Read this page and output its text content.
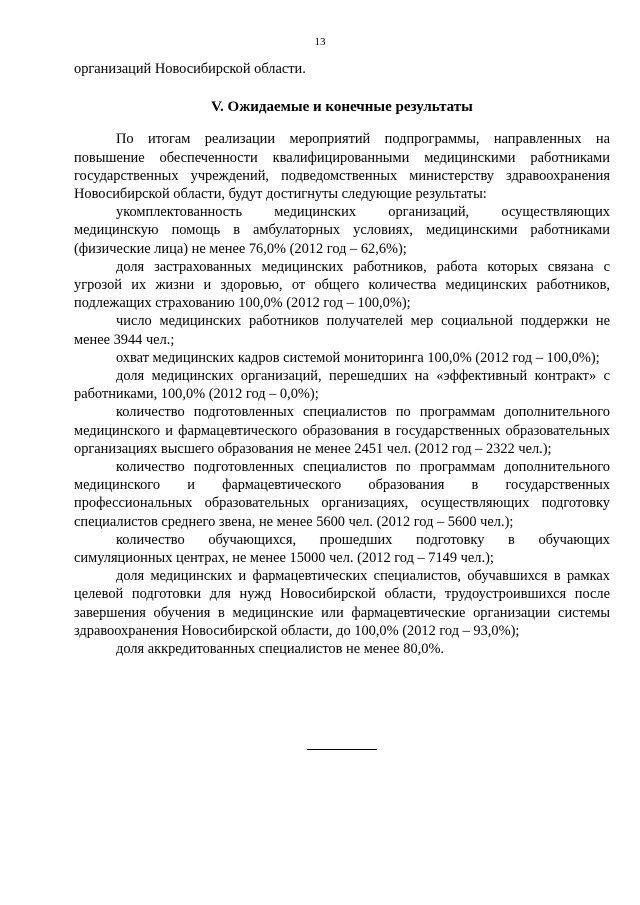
13

организаций Новосибирской области.

V. Ожидаемые и конечные результаты

По итогам реализации мероприятий подпрограммы, направленных на повышение обеспеченности квалифицированными медицинскими работниками государственных учреждений, подведомственных министерству здравоохранения Новосибирской области, будут достигнуты следующие результаты:

укомплектованность медицинских организаций, осуществляющих медицинскую помощь в амбулаторных условиях, медицинскими работниками (физические лица) не менее 76,0% (2012 год – 62,6%);

доля застрахованных медицинских работников, работа которых связана с угрозой их жизни и здоровью, от общего количества медицинских работников, подлежащих страхованию 100,0% (2012 год – 100,0%);

число медицинских работников получателей мер социальной поддержки не менее 3944 чел.;

охват медицинских кадров системой мониторинга 100,0% (2012 год – 100,0%);

доля медицинских организаций, перешедших на «эффективный контракт» с работниками, 100,0% (2012 год – 0,0%);

количество подготовленных специалистов по программам дополнительного медицинского и фармацевтического образования в государственных образовательных организациях высшего образования не менее 2451 чел. (2012 год – 2322 чел.);

количество подготовленных специалистов по программам дополнительного медицинского и фармацевтического образования в государственных профессиональных образовательных организациях, осуществляющих подготовку специалистов среднего звена, не менее 5600 чел. (2012 год – 5600 чел.);

количество обучающихся, прошедших подготовку в обучающих симуляционных центрах, не менее 15000 чел. (2012 год – 7149 чел.);

доля медицинских и фармацевтических специалистов, обучавшихся в рамках целевой подготовки для нужд Новосибирской области, трудоустроившихся после завершения обучения в медицинские или фармацевтические организации системы здравоохранения Новосибирской области, до 100,0% (2012 год – 93,0%);

доля аккредитованных специалистов не менее 80,0%.
